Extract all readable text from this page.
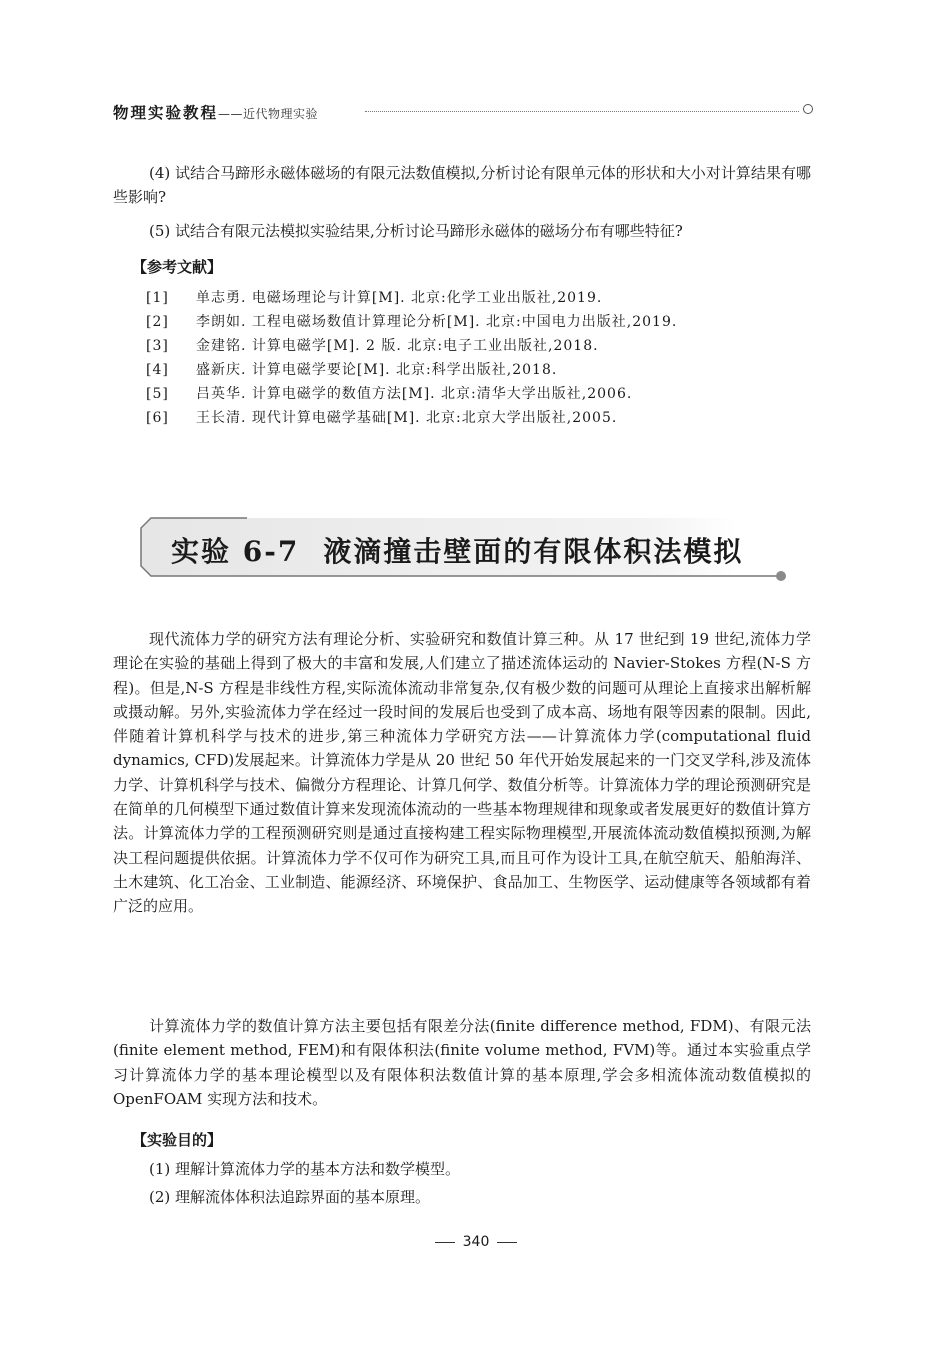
物理实验教程——近代物理实验

(4) 试结合马蹄形永磁体磁场的有限元法数值模拟,分析讨论有限单元体的形状和大小对计算结果有哪些影响?

(5) 试结合有限元法模拟实验结果,分析讨论马蹄形永磁体的磁场分布有哪些特征?

【参考文献】
[1] 单志勇. 电磁场理论与计算[M]. 北京:化学工业出版社,2019.
[2] 李朗如. 工程电磁场数值计算理论分析[M]. 北京:中国电力出版社,2019.
[3] 金建铭. 计算电磁学[M]. 2 版. 北京:电子工业出版社,2018.
[4] 盛新庆. 计算电磁学要论[M]. 北京:科学出版社,2018.
[5] 吕英华. 计算电磁学的数值方法[M]. 北京:清华大学出版社,2006.
[6] 王长清. 现代计算电磁学基础[M]. 北京:北京大学出版社,2005.
实验 6-7 液滴撞击壁面的有限体积法模拟

现代流体力学的研究方法有理论分析、实验研究和数值计算三种。从 17 世纪到 19 世纪,流体力学理论在实验的基础上得到了极大的丰富和发展,人们建立了描述流体运动的 Navier-Stokes 方程(N-S 方程)。但是,N-S 方程是非线性方程,实际流体流动非常复杂,仅有极少数的问题可从理论上直接求出解析解或摄动解。另外,实验流体力学在经过一段时间的发展后也受到了成本高、场地有限等因素的限制。因此,伴随着计算机科学与技术的进步,第三种流体力学研究方法——计算流体力学(computational fluid dynamics, CFD)发展起来。计算流体力学是从 20 世纪 50 年代开始发展起来的一门交叉学科,涉及流体力学、计算机科学与技术、偏微分方程理论、计算几何学、数值分析等。计算流体力学的理论预测研究是在简单的几何模型下通过数值计算来发现流体流动的一些基本物理规律和现象或者发展更好的数值计算方法。计算流体力学的工程预测研究则是通过直接构建工程实际物理模型,开展流体流动数值模拟预测,为解决工程问题提供依据。计算流体力学不仅可作为研究工具,而且可作为设计工具,在航空航天、船舶海洋、土木建筑、化工冶金、工业制造、能源经济、环境保护、食品加工、生物医学、运动健康等各领域都有着广泛的应用。

计算流体力学的数值计算方法主要包括有限差分法(finite difference method, FDM)、有限元法(finite element method, FEM)和有限体积法(finite volume method, FVM)等。通过本实验重点学习计算流体力学的基本理论模型以及有限体积法数值计算的基本原理,学会多相流体流动数值模拟的 OpenFOAM 实现方法和技术。

【实验目的】

(1) 理解计算流体力学的基本方法和数学模型。

(2) 理解流体体积法追踪界面的基本原理。

340
